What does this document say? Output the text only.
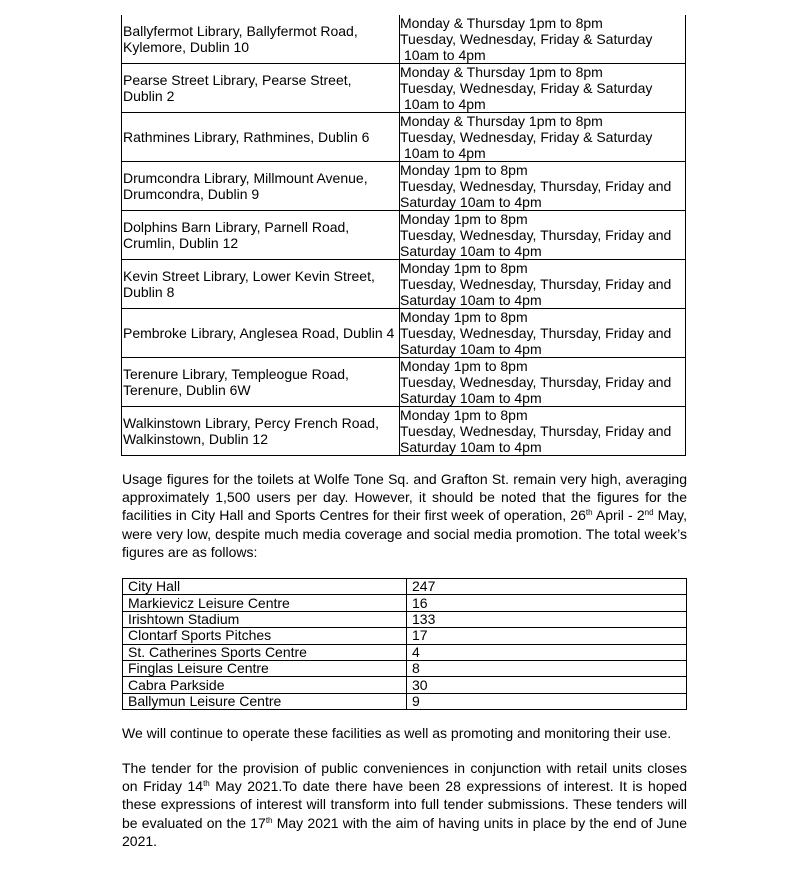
Ballyfermot Library, Ballyfermot Road,
Kylemore, Dublin 10	Monday & Thursday 1pm to 8pm
Tuesday, Wednesday, Friday & Saturday
10am to 4pm

Pearse Street Library, Pearse Street,
Dublin 2	Monday & Thursday 1pm to 8pm
Tuesday, Wednesday, Friday & Saturday
10am to 4pm

Rathmines Library, Rathmines, Dublin 6	Monday & Thursday 1pm to 8pm
Tuesday, Wednesday, Friday & Saturday
10am to 4pm

Drumcondra Library, Millmount Avenue,
Drumcondra, Dublin 9	Monday 1pm to 8pm
Tuesday, Wednesday, Thursday, Friday and
Saturday 10am to 4pm

Dolphins Barn Library, Parnell Road,
Crumlin, Dublin 12	Monday 1pm to 8pm
Tuesday, Wednesday, Thursday, Friday and
Saturday 10am to 4pm

Kevin Street Library, Lower Kevin Street,
Dublin 8	Monday 1pm to 8pm
Tuesday, Wednesday, Thursday, Friday and
Saturday 10am to 4pm

Pembroke Library, Anglesea Road, Dublin 4	Monday 1pm to 8pm
Tuesday, Wednesday, Thursday, Friday and
Saturday 10am to 4pm

Terenure Library, Templeogue Road,
Terenure, Dublin 6W	Monday 1pm to 8pm
Tuesday, Wednesday, Thursday, Friday and
Saturday 10am to 4pm

Walkinstown Library, Percy French Road,
Walkinstown, Dublin 12	Monday 1pm to 8pm
Tuesday, Wednesday, Thursday, Friday and
Saturday 10am to 4pm

Usage figures for the toilets at Wolfe Tone Sq. and Grafton St. remain very high, averaging approximately 1,500 users per day. However, it should be noted that the figures for the facilities in City Hall and Sports Centres for their first week of operation, 26th April - 2nd May, were very low, despite much media coverage and social media promotion. The total week’s figures are as follows:

City Hall	247
Markievicz Leisure Centre	16
Irishtown Stadium	133
Clontarf Sports Pitches	17
St. Catherines Sports Centre	4
Finglas Leisure Centre	8
Cabra Parkside	30
Ballymun Leisure Centre	9

We will continue to operate these facilities as well as promoting and monitoring their use.

The tender for the provision of public conveniences in conjunction with retail units closes on Friday 14th May 2021.To date there have been 28 expressions of interest. It is hoped these expressions of interest will transform into full tender submissions. These tenders will be evaluated on the 17th May 2021 with the aim of having units in place by the end of June 2021.
